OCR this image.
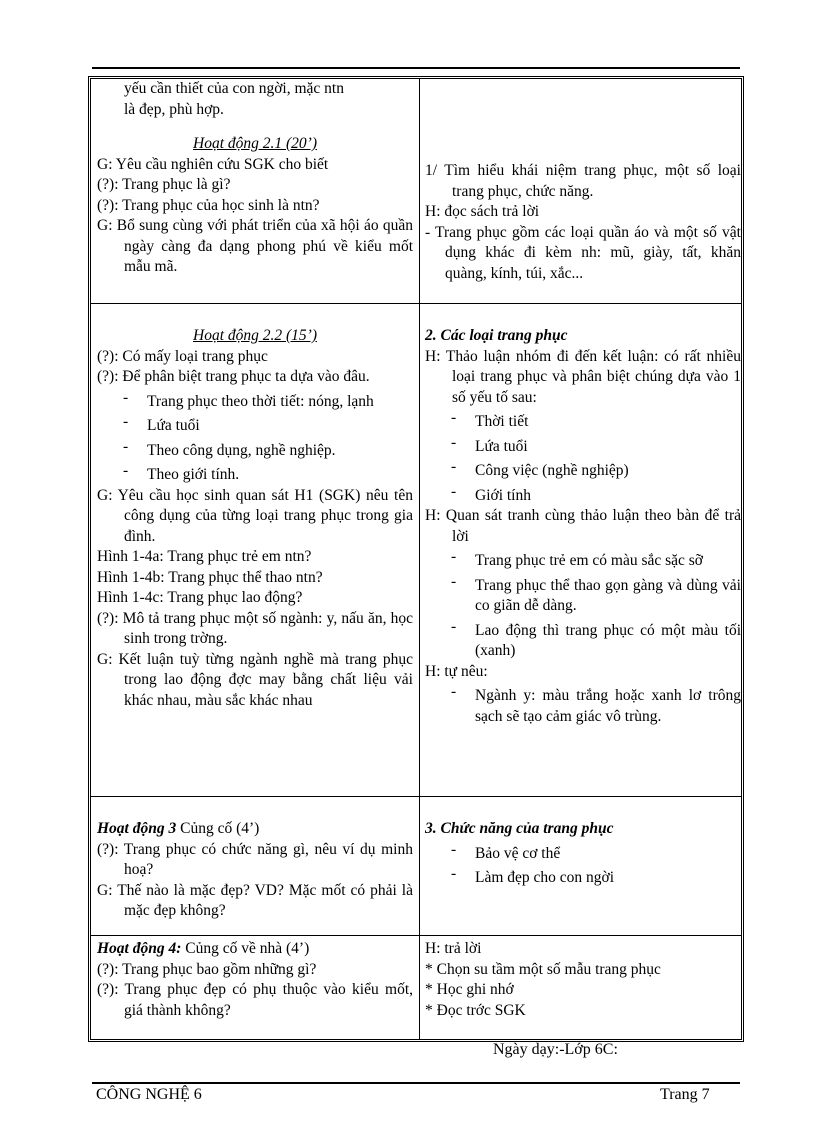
yếu cần thiết của con ngời, mặc ntn

là đẹp, phù hợp.

Hoạt động 2.1 (20’)

G: Yêu cầu nghiên cứu SGK cho biết

(?): Trang phục là gì?

(?): Trang phục của học sinh là ntn?

G: Bổ sung cùng với phát triển của xã hội áo quần ngày càng đa dạng phong phú về kiểu mốt mẫu mã.

1/ Tìm hiểu khái niệm trang phục, một số loại trang phục, chức năng.

H: đọc sách trả lời

- Trang phục gồm các loại quần áo và một số vật dụng khác đi kèm nh: mũ, giày, tất, khăn quàng, kính, túi, xắc...

Hoạt động 2.2 (15’)

(?): Có mấy loại trang phục

(?): Để phân biệt trang phục ta dựa vào đâu.

- Trang phục theo thời tiết: nóng, lạnh
- Lứa tuổi
- Theo công dụng, nghề nghiệp.
- Theo giới tính.

G: Yêu cầu học sinh quan sát H1 (SGK) nêu tên công dụng của từng loại trang phục trong gia đình.

Hình 1-4a: Trang phục trẻ em ntn?

Hình 1-4b: Trang phục thể thao ntn?

Hình 1-4c: Trang phục lao động?

(?): Mô tả trang phục một số ngành: y, nấu ăn, học sinh trong trờng.

G: Kết luận tuỳ từng ngành nghề mà trang phục trong lao động đợc may bằng chất liệu vải khác nhau, màu sắc khác nhau

2. Các loại trang phục

H: Thảo luận nhóm đi đến kết luận: có rất nhiều loại trang phục và phân biệt chúng dựa vào 1 số yếu tố sau:

- Thời tiết
- Lứa tuổi
- Công việc (nghề nghiệp)
- Giới tính

H: Quan sát tranh cùng thảo luận theo bàn để trả lời

- Trang phục trẻ em có màu sắc sặc sỡ
- Trang phục thể thao gọn gàng và dùng vải co giãn dễ dàng.
- Lao động thì trang phục có một màu tối (xanh)

H: tự nêu:

- Ngành y: màu trắng hoặc xanh lơ trông sạch sẽ tạo cảm giác vô trùng.

Hoạt động 3 Củng cố (4’)

(?): Trang phục có chức năng gì, nêu ví dụ minh hoạ?

G: Thế nào là mặc đẹp? VD? Mặc mốt có phải là mặc đẹp không?

3. Chức năng của trang phục

- Bảo vệ cơ thể
- Làm đẹp cho con ngời

Hoạt động 4: Củng cố về nhà (4’)

(?): Trang phục bao gồm những gì?

(?): Trang phục đẹp có phụ thuộc vào kiểu mốt, giá thành không?

H: trả lời

* Chọn su tầm một số mẫu trang phục

* Học ghi nhớ

* Đọc trớc SGK

Ngày dạy:-Lớp 6C:
CÔNG NGHỆ 6	Trang 7
